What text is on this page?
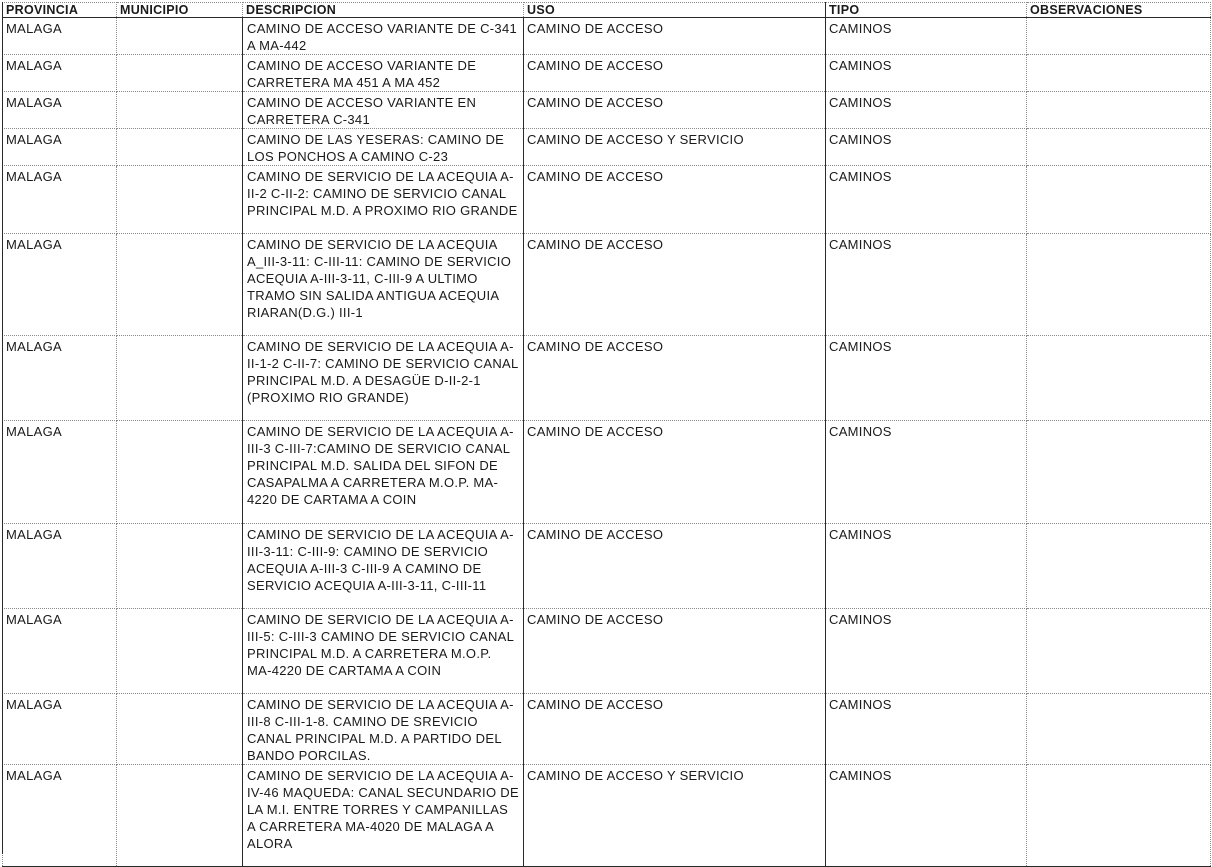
PROVINCIA	MUNICIPIO	DESCRIPCION	USO	TIPO	OBSERVACIONES
MALAGA		CAMINO DE ACCESO VARIANTE DE C-341 A MA-442	CAMINO DE ACCESO	CAMINOS	
MALAGA		CAMINO DE ACCESO VARIANTE DE CARRETERA MA 451 A MA 452	CAMINO DE ACCESO	CAMINOS	
MALAGA		CAMINO DE ACCESO VARIANTE EN CARRETERA C-341	CAMINO DE ACCESO	CAMINOS	
MALAGA		CAMINO DE LAS YESERAS: CAMINO DE LOS PONCHOS A CAMINO C-23	CAMINO DE ACCESO Y SERVICIO	CAMINOS	
MALAGA		CAMINO DE SERVICIO DE LA ACEQUIA A-II-2 C-II-2: CAMINO DE SERVICIO CANAL PRINCIPAL M.D. A PROXIMO RIO GRANDE	CAMINO DE ACCESO	CAMINOS	
MALAGA		CAMINO DE SERVICIO DE LA ACEQUIA A_III-3-11: C-III-11: CAMINO DE SERVICIO ACEQUIA A-III-3-11, C-III-9 A ULTIMO TRAMO SIN SALIDA ANTIGUA ACEQUIA RIARAN(D.G.) III-1	CAMINO DE ACCESO	CAMINOS	
MALAGA		CAMINO DE SERVICIO DE LA ACEQUIA A-II-1-2 C-II-7: CAMINO DE SERVICIO CANAL PRINCIPAL M.D. A DESAGÜE D-II-2-1 (PROXIMO RIO GRANDE)	CAMINO DE ACCESO	CAMINOS	
MALAGA		CAMINO DE SERVICIO DE LA ACEQUIA A-III-3 C-III-7:CAMINO DE SERVICIO CANAL PRINCIPAL M.D. SALIDA DEL SIFON DE CASAPALMA A CARRETERA M.O.P. MA-4220 DE CARTAMA A COIN	CAMINO DE ACCESO	CAMINOS	
MALAGA		CAMINO DE SERVICIO DE LA ACEQUIA A-III-3-11: C-III-9: CAMINO DE SERVICIO ACEQUIA A-III-3 C-III-9 A CAMINO DE SERVICIO ACEQUIA A-III-3-11, C-III-11	CAMINO DE ACCESO	CAMINOS	
MALAGA		CAMINO DE SERVICIO DE LA ACEQUIA A-III-5: C-III-3 CAMINO DE SERVICIO CANAL PRINCIPAL M.D. A CARRETERA M.O.P. MA-4220 DE CARTAMA A COIN	CAMINO DE ACCESO	CAMINOS	
MALAGA		CAMINO DE SERVICIO DE LA ACEQUIA A-III-8 C-III-1-8. CAMINO DE SREVICIO CANAL PRINCIPAL M.D. A PARTIDO DEL BANDO PORCILAS.	CAMINO DE ACCESO	CAMINOS	
MALAGA		CAMINO DE SERVICIO DE LA ACEQUIA A-IV-46 MAQUEDA: CANAL SECUNDARIO DE LA M.I. ENTRE TORRES Y CAMPANILLAS A CARRETERA MA-4020 DE MALAGA A ALORA	CAMINO DE ACCESO Y SERVICIO	CAMINOS	
